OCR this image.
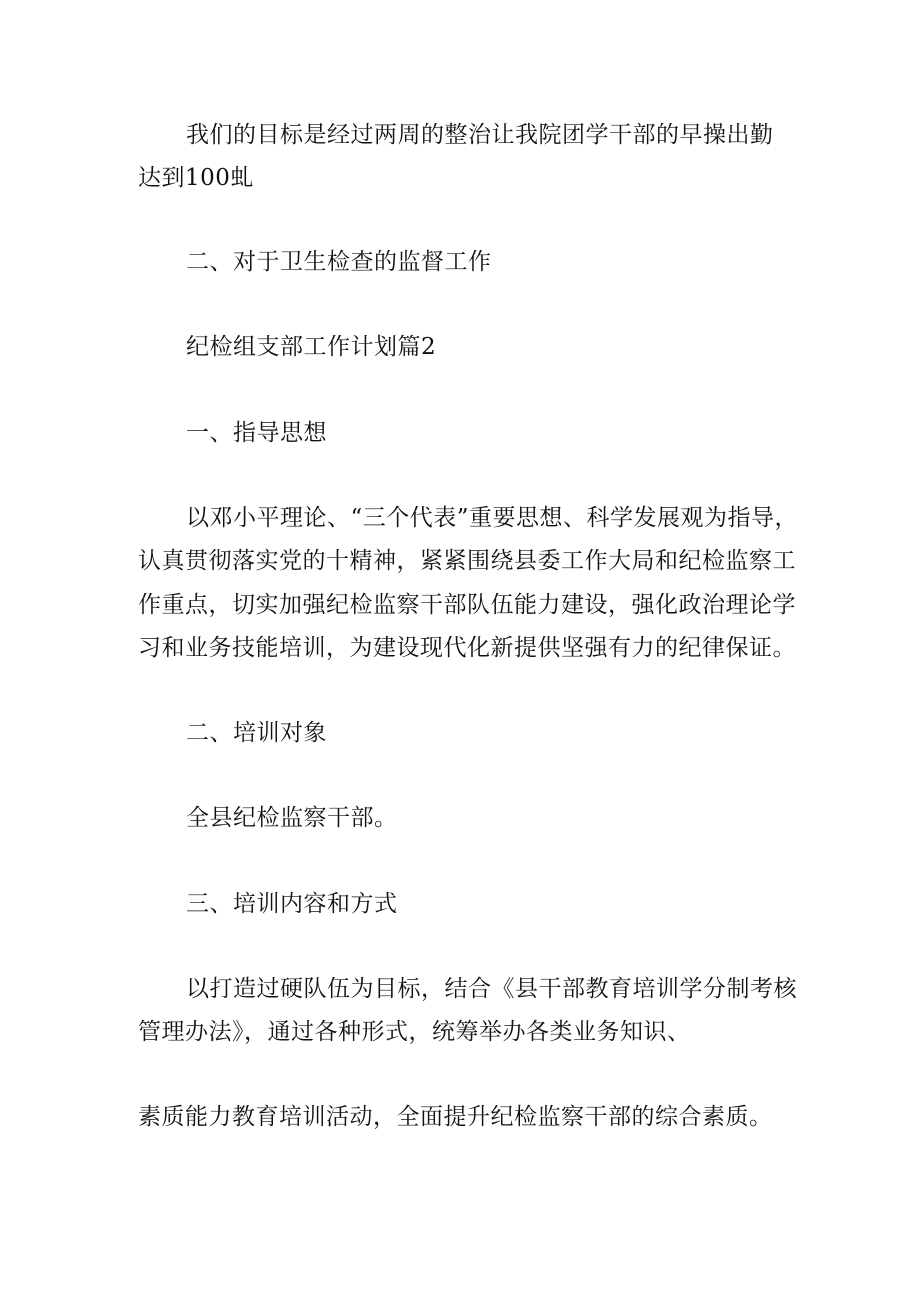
我们的目标是经过两周的整治让我院团学干部的早操出勤
达到100虬
二、对于卫生检查的监督工作
纪检组支部工作计划篇2
一、指导思想
以邓小平理论、“三个代表”重要思想、科学发展观为指导，
认真贯彻落实党的十精神，紧紧围绕县委工作大局和纪检监察工
作重点，切实加强纪检监察干部队伍能力建设，强化政治理论学
习和业务技能培训，为建设现代化新提供坚强有力的纪律保证。
二、培训对象
全县纪检监察干部。
三、培训内容和方式
以打造过硬队伍为目标，结合《县干部教育培训学分制考核
管理办法》，通过各种形式，统筹举办各类业务知识、
素质能力教育培训活动，全面提升纪检监察干部的综合素质。
